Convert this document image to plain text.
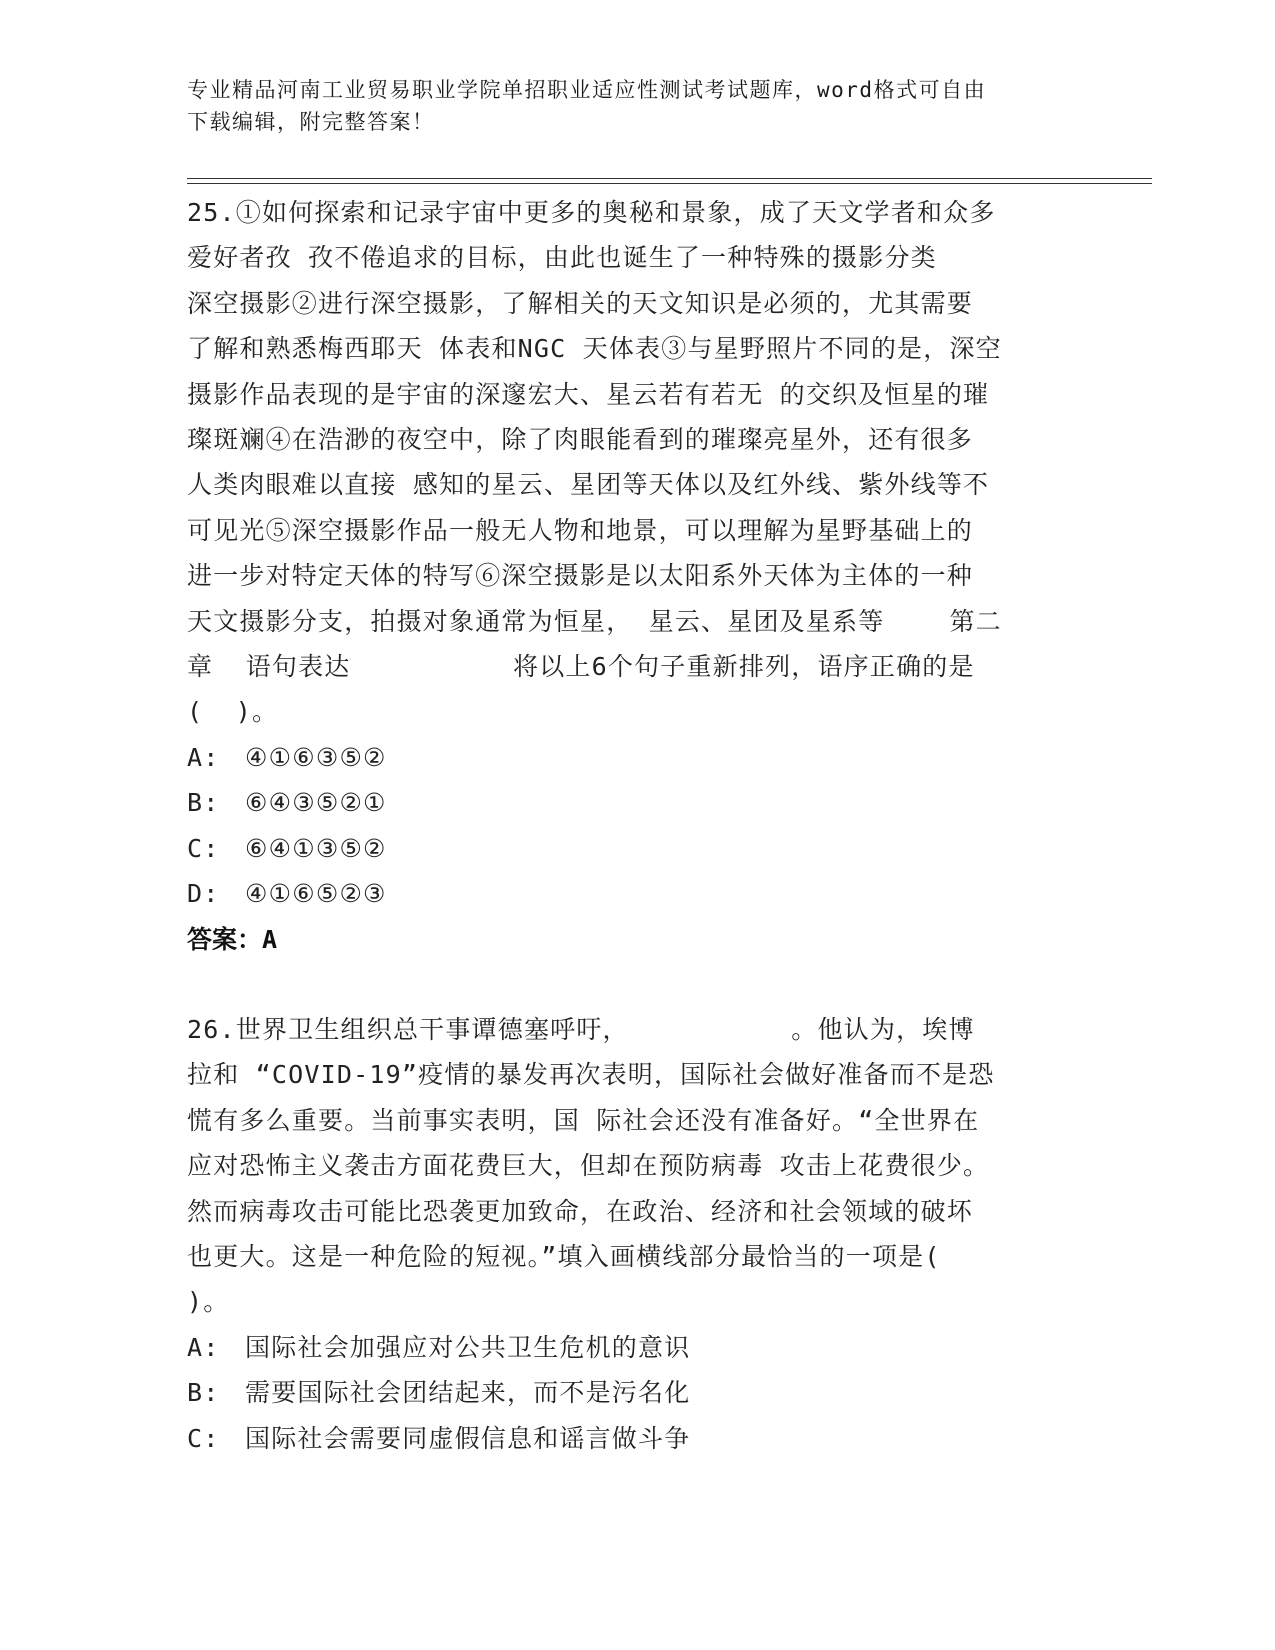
专业精品河南工业贸易职业学院单招职业适应性测试考试题库，word格式可自由
下载编辑，附完整答案！

25.①如何探索和记录宇宙中更多的奥秘和景象，成了天文学者和众多

爱好者孜 孜不倦追求的目标，由此也诞生了一种特殊的摄影分类

深空摄影②进行深空摄影，了解相关的天文知识是必须的，尤其需要

了解和熟悉梅西耶天 体表和NGC 天体表③与星野照片不同的是，深空

摄影作品表现的是宇宙的深邃宏大、星云若有若无 的交织及恒星的璀

璨斑斓④在浩渺的夜空中，除了肉眼能看到的璀璨亮星外，还有很多

人类肉眼难以直接 感知的星云、星团等天体以及红外线、紫外线等不

可见光⑤深空摄影作品一般无人物和地景，可以理解为星野基础上的

进一步对特定天体的特写⑥深空摄影是以太阳系外天体为主体的一种

天文摄影分支，拍摄对象通常为恒星， 星云、星团及星系等    第二

章  语句表达          将以上6个句子重新排列，语序正确的是

(  )。

A:	④①⑥③⑤②
B:	⑥④③⑤②①
C:	⑥④①③⑤②
D:	④①⑥⑤②③

答案：A

26.世界卫生组织总干事谭德塞呼吁，          。他认为，埃博

拉和 “COVID-19”疫情的暴发再次表明，国际社会做好准备而不是恐

慌有多么重要。当前事实表明，国 际社会还没有准备好。“全世界在

应对恐怖主义袭击方面花费巨大，但却在预防病毒 攻击上花费很少。

然而病毒攻击可能比恐袭更加致命，在政治、经济和社会领域的破坏

也更大。这是一种危险的短视。”填入画横线部分最恰当的一项是(

)。

A:	国际社会加强应对公共卫生危机的意识
B:	需要国际社会团结起来，而不是污名化
C:	国际社会需要同虚假信息和谣言做斗争
